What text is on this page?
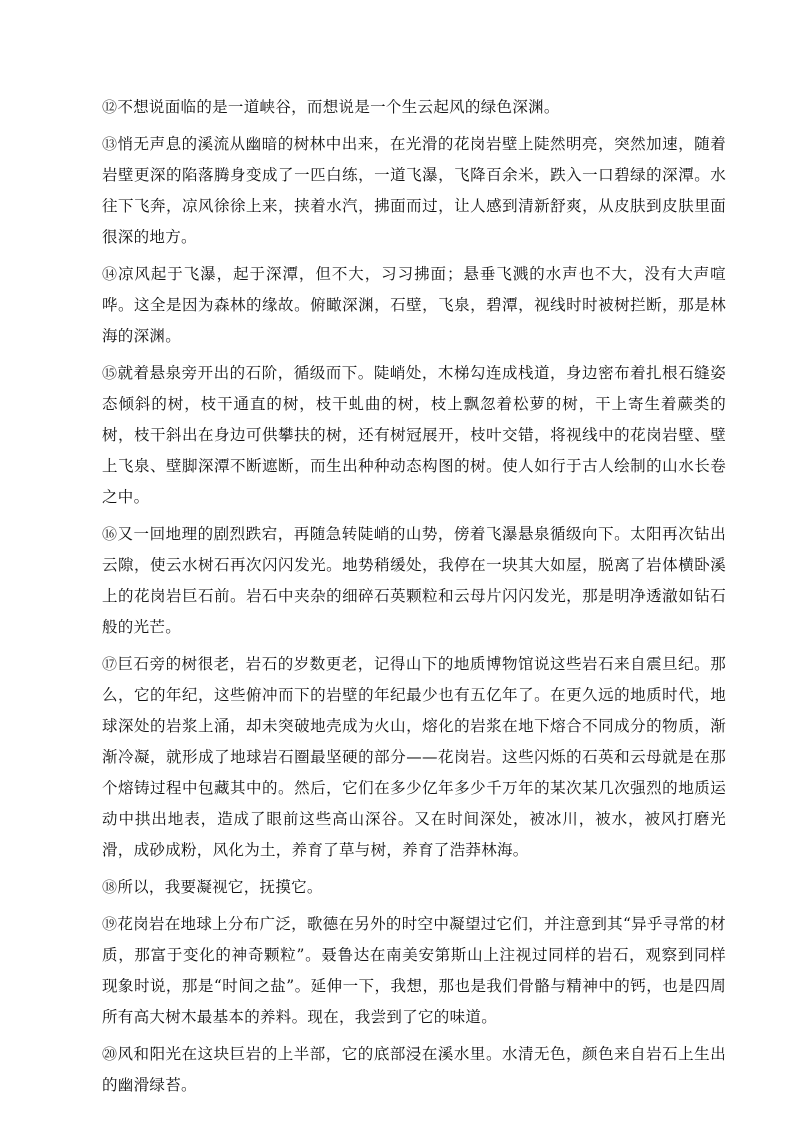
⑫不想说面临的是一道峡谷，而想说是一个生云起风的绿色深渊。

⑬悄无声息的溪流从幽暗的树林中出来，在光滑的花岗岩壁上陡然明亮，突然加速，随着岩壁更深的陷落腾身变成了一匹白练，一道飞瀑，飞降百余米，跌入一口碧绿的深潭。水往下飞奔，凉风徐徐上来，挟着水汽，拂面而过，让人感到清新舒爽，从皮肤到皮肤里面很深的地方。

⑭凉风起于飞瀑，起于深潭，但不大，习习拂面；悬垂飞溅的水声也不大，没有大声喧哗。这全是因为森林的缘故。俯瞰深渊，石壁，飞泉，碧潭，视线时时被树拦断，那是林海的深渊。

⑮就着悬泉旁开出的石阶，循级而下。陡峭处，木梯勾连成栈道，身边密布着扎根石缝姿态倾斜的树，枝干通直的树，枝干虬曲的树，枝上飘忽着松萝的树，干上寄生着蕨类的树，枝干斜出在身边可供攀扶的树，还有树冠展开，枝叶交错，将视线中的花岗岩壁、壁上飞泉、壁脚深潭不断遮断，而生出种种动态构图的树。使人如行于古人绘制的山水长卷之中。

⑯又一回地理的剧烈跌宕，再随急转陡峭的山势，傍着飞瀑悬泉循级向下。太阳再次钻出云隙，使云水树石再次闪闪发光。地势稍缓处，我停在一块其大如屋，脱离了岩体横卧溪上的花岗岩巨石前。岩石中夹杂的细碎石英颗粒和云母片闪闪发光，那是明净透澈如钻石般的光芒。

⑰巨石旁的树很老，岩石的岁数更老，记得山下的地质博物馆说这些岩石来自震旦纪。那么，它的年纪，这些俯冲而下的岩壁的年纪最少也有五亿年了。在更久远的地质时代，地球深处的岩浆上涌，却未突破地壳成为火山，熔化的岩浆在地下熔合不同成分的物质，渐渐冷凝，就形成了地球岩石圈最坚硬的部分——花岗岩。这些闪烁的石英和云母就是在那个熔铸过程中包藏其中的。然后，它们在多少亿年多少千万年的某次某几次强烈的地质运动中拱出地表，造成了眼前这些高山深谷。又在时间深处，被冰川，被水，被风打磨光滑，成砂成粉，风化为土，养育了草与树，养育了浩莽林海。

⑱所以，我要凝视它，抚摸它。

⑲花岗岩在地球上分布广泛，歌德在另外的时空中凝望过它们，并注意到其“异乎寻常的材质，那富于变化的神奇颗粒”。聂鲁达在南美安第斯山上注视过同样的岩石，观察到同样现象时说，那是“时间之盐”。延伸一下，我想，那也是我们骨骼与精神中的钙，也是四周所有高大树木最基本的养料。现在，我尝到了它的味道。

⑳风和阳光在这块巨岩的上半部，它的底部浸在溪水里。水清无色，颜色来自岩石上生出的幽滑绿苔。
